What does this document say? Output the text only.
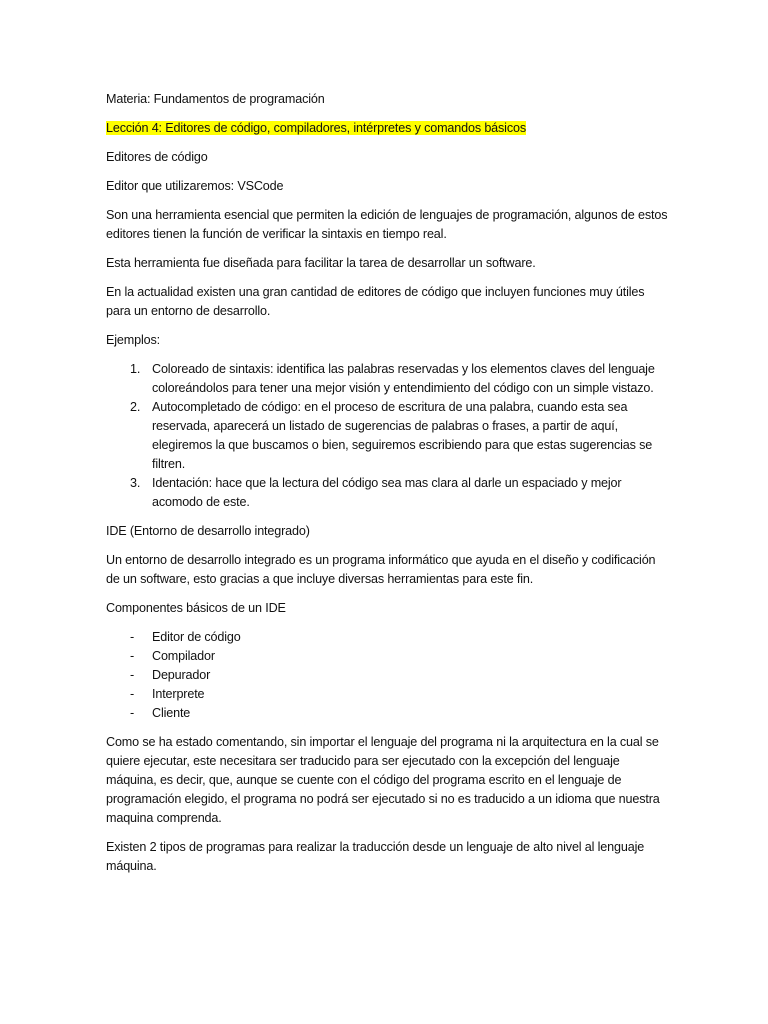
Materia: Fundamentos de programación

Lección 4: Editores de código, compiladores, intérpretes y comandos básicos

Editores de código

Editor que utilizaremos: VSCode

Son una herramienta esencial que permiten la edición de lenguajes de programación, algunos de estos editores tienen la función de verificar la sintaxis en tiempo real.

Esta herramienta fue diseñada para facilitar la tarea de desarrollar un software.

En la actualidad existen una gran cantidad de editores de código que incluyen funciones muy útiles para un entorno de desarrollo.

Ejemplos:

1. Coloreado de sintaxis: identifica las palabras reservadas y los elementos claves del lenguaje coloreándolos para tener una mejor visión y entendimiento del código con un simple vistazo.
2. Autocompletado de código: en el proceso de escritura de una palabra, cuando esta sea reservada, aparecerá un listado de sugerencias de palabras o frases, a partir de aquí, elegiremos la que buscamos o bien, seguiremos escribiendo para que estas sugerencias se filtren.
3. Identación: hace que la lectura del código sea mas clara al darle un espaciado y mejor acomodo de este.

IDE (Entorno de desarrollo integrado)

Un entorno de desarrollo integrado es un programa informático que ayuda en el diseño y codificación de un software, esto gracias a que incluye diversas herramientas para este fin.

Componentes básicos de un IDE

- Editor de código
- Compilador
- Depurador
- Interprete
- Cliente

Como se ha estado comentando, sin importar el lenguaje del programa ni la arquitectura en la cual se quiere ejecutar, este necesitara ser traducido para ser ejecutado con la excepción del lenguaje máquina, es decir, que, aunque se cuente con el código del programa escrito en el lenguaje de programación elegido, el programa no podrá ser ejecutado si no es traducido a un idioma que nuestra maquina comprenda.

Existen 2 tipos de programas para realizar la traducción desde un lenguaje de alto nivel al lenguaje máquina.
